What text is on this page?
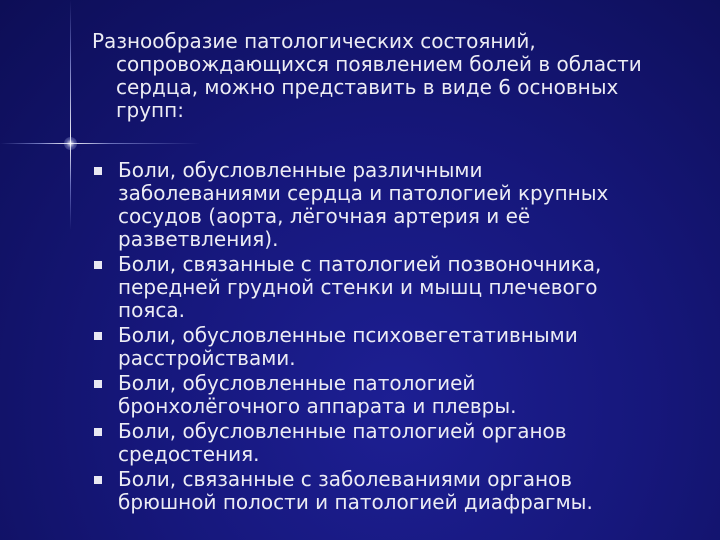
Разнообразие патологических состояний,
сопровождающихся появлением болей в области
сердца, можно представить в виде 6 основных
групп:
Боли, обусловленные различными
заболеваниями сердца и патологией крупных
сосудов (аорта, лёгочная артерия и её
разветвления).
Боли, связанные с патологией позвоночника,
передней грудной стенки и мышц плечевого
пояса.
Боли, обусловленные психовегетативными
расстройствами.
Боли, обусловленные патологией
бронхолёгочного аппарата и плевры.
Боли, обусловленные патологией органов
средостения.
Боли, связанные с заболеваниями органов
брюшной полости и патологией диафрагмы.
